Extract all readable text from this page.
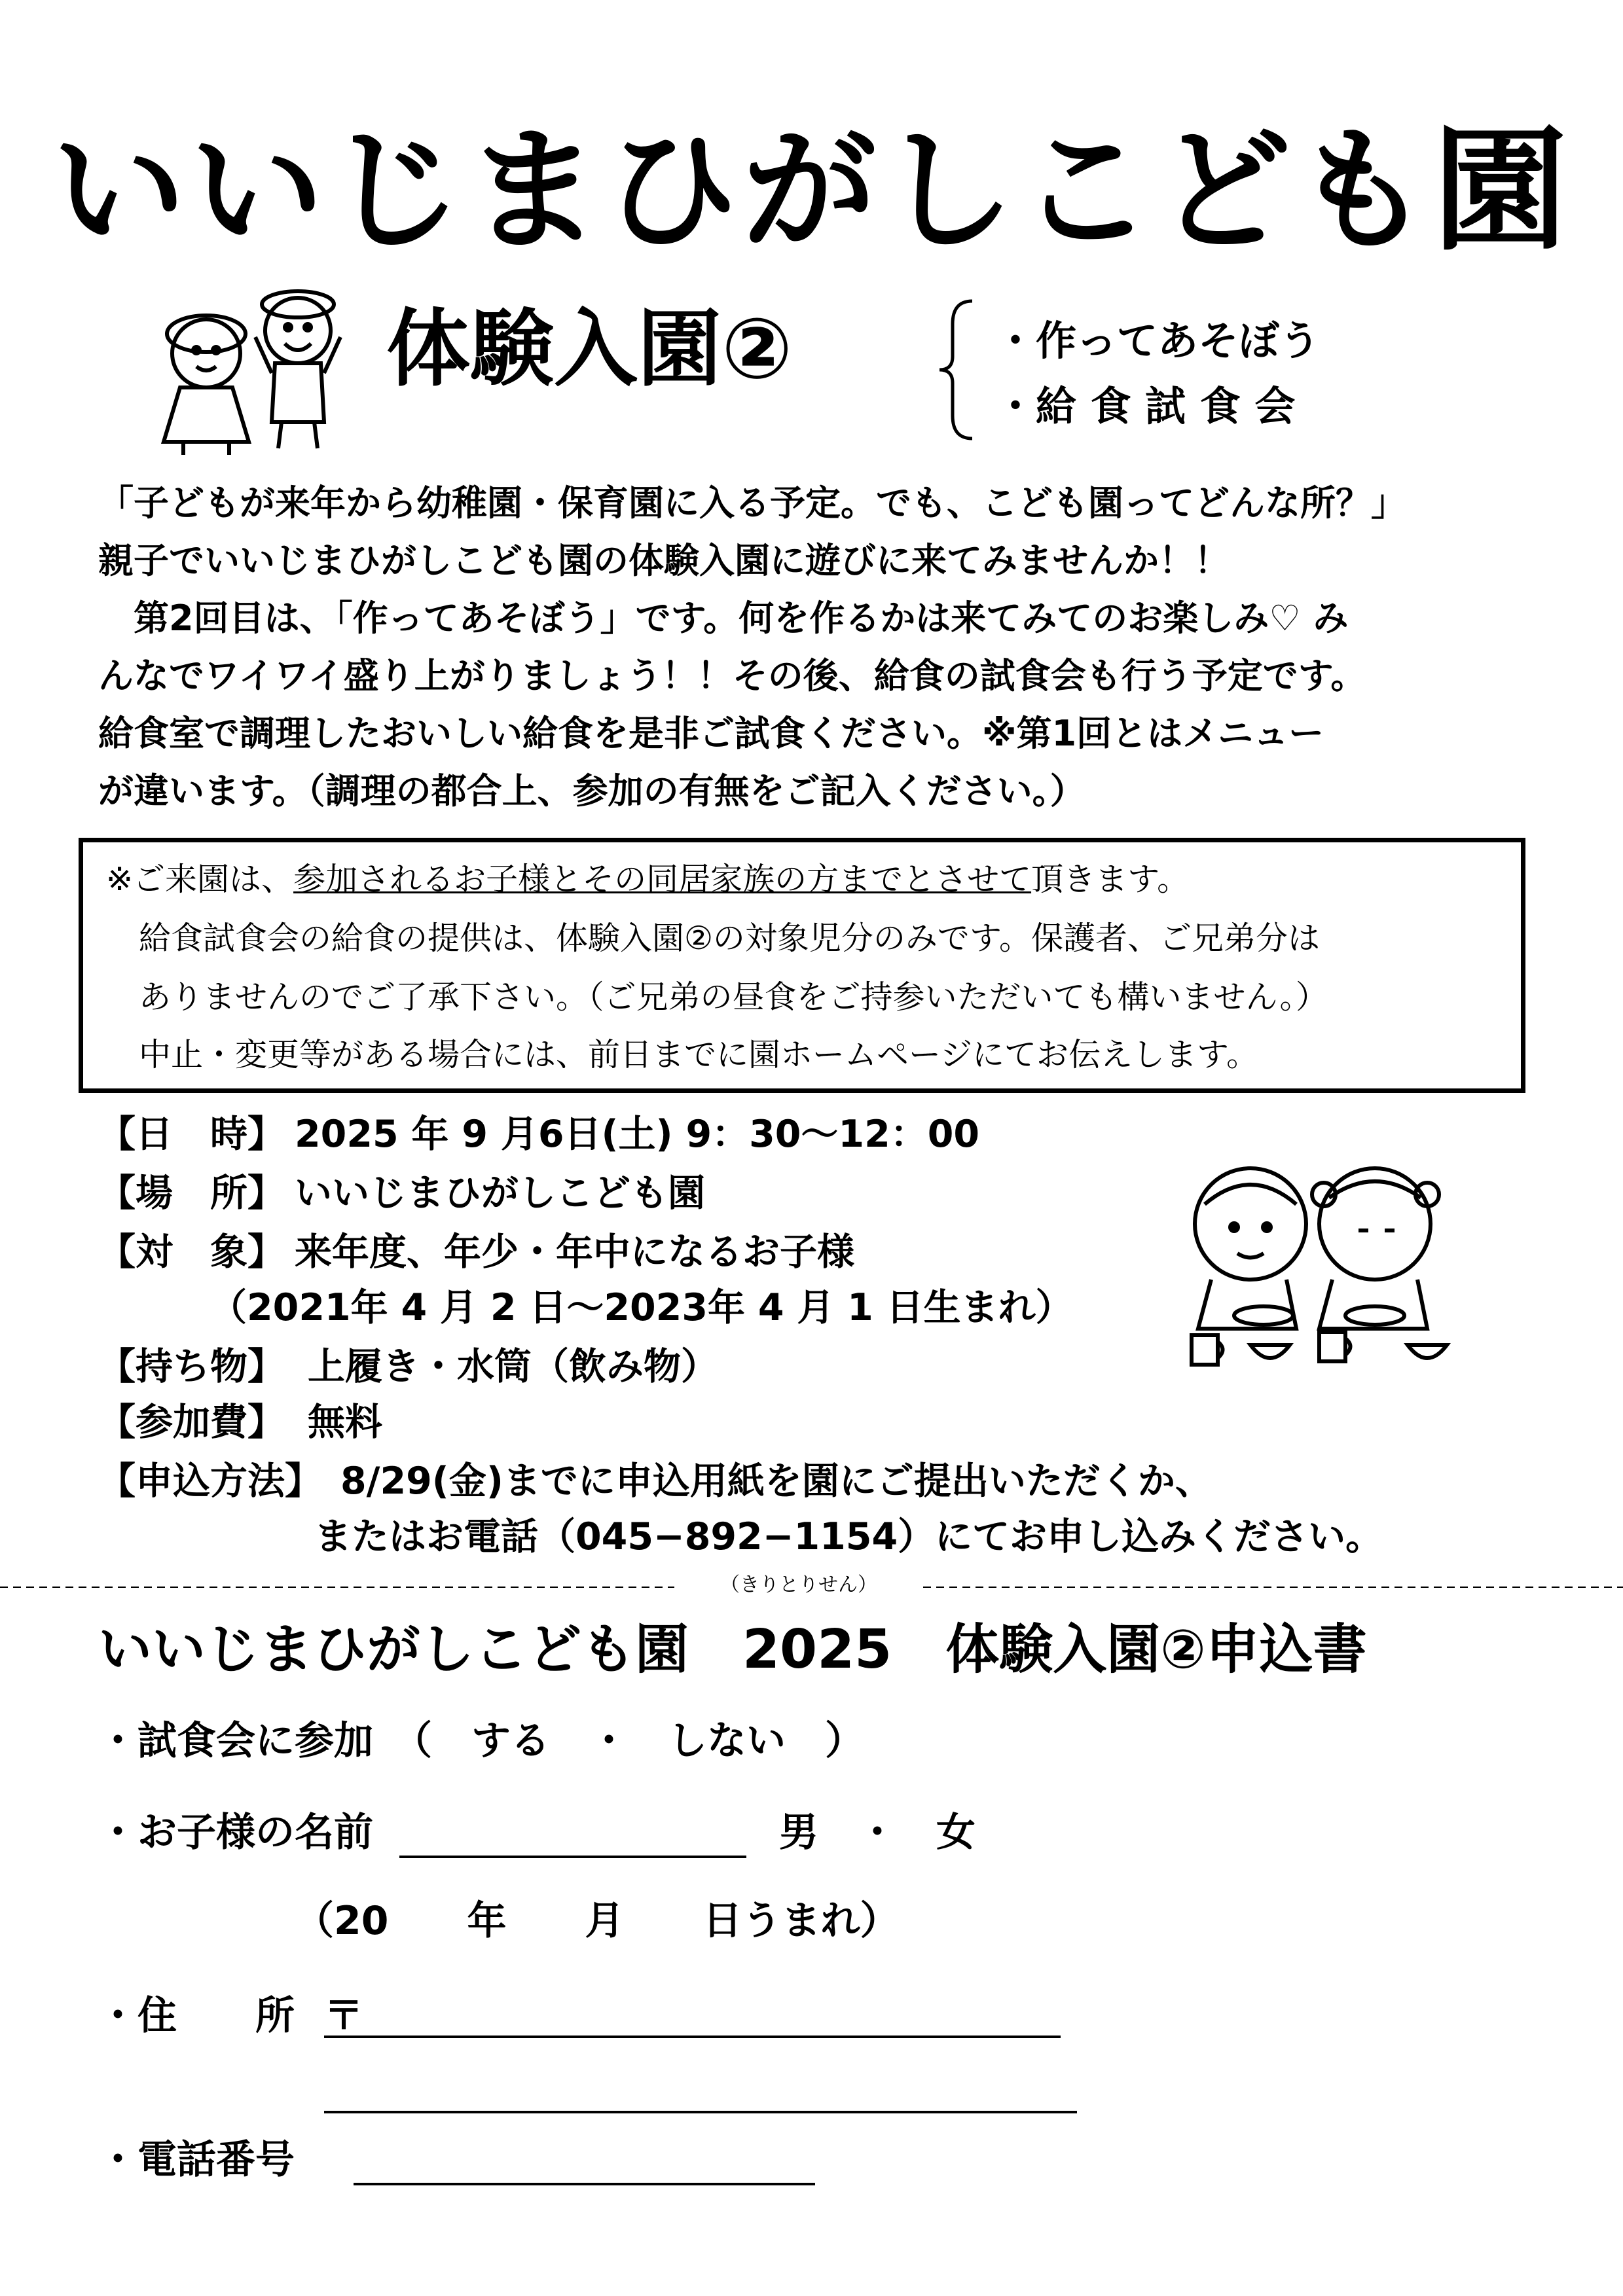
いいじまひがしこども園
体験入園②	・作ってあそぼう
・給 食 試 食 会
「子どもが来年から幼稚園・保育園に入る予定。でも、こども園ってどんな所？」
親子でいいじまひがしこども園の体験入園に遊びに来てみませんか！！
　第2回目は、「作ってあそぼう」です。何を作るかは来てみてのお楽しみ♡ み
んなでワイワイ盛り上がりましょう！！その後、給食の試食会も行う予定です。
給食室で調理したおいしい給食を是非ご試食ください。※第1回とはメニュー
が違います。（調理の都合上、参加の有無をご記入ください。）
※ご来園は、参加されるお子様とその同居家族の方までとさせて頂きます。
給食試食会の給食の提供は、体験入園②の対象児分のみです。保護者、ご兄弟分は
ありませんのでご了承下さい。（ご兄弟の昼食をご持参いただいても構いません。）
中止・変更等がある場合には、前日までに園ホームページにてお伝えします。
【日　時】 2025 年 9 月6日(土) 9：30〜12：00
【場　所】 いいじまひがしこども園
【対　象】 来年度、年少・年中になるお子様
（2021年 4 月 2 日〜2023年 4 月 1 日生まれ）
【持ち物】 上履き・水筒（飲み物）
【参加費】 無料
【申込方法】 8/29(金)までに申込用紙を園にご提出いただくか、
またはお電話（045−892−1154）にてお申し込みください。
（きりとりせん）
いいじまひがしこども園　2025　体験入園②申込書
・試食会に参加 （　する　・　しない　）
・お子様の名前	男　・　女
（20　　年　　月　　日うまれ）
・住　　所 〒
・電話番号
